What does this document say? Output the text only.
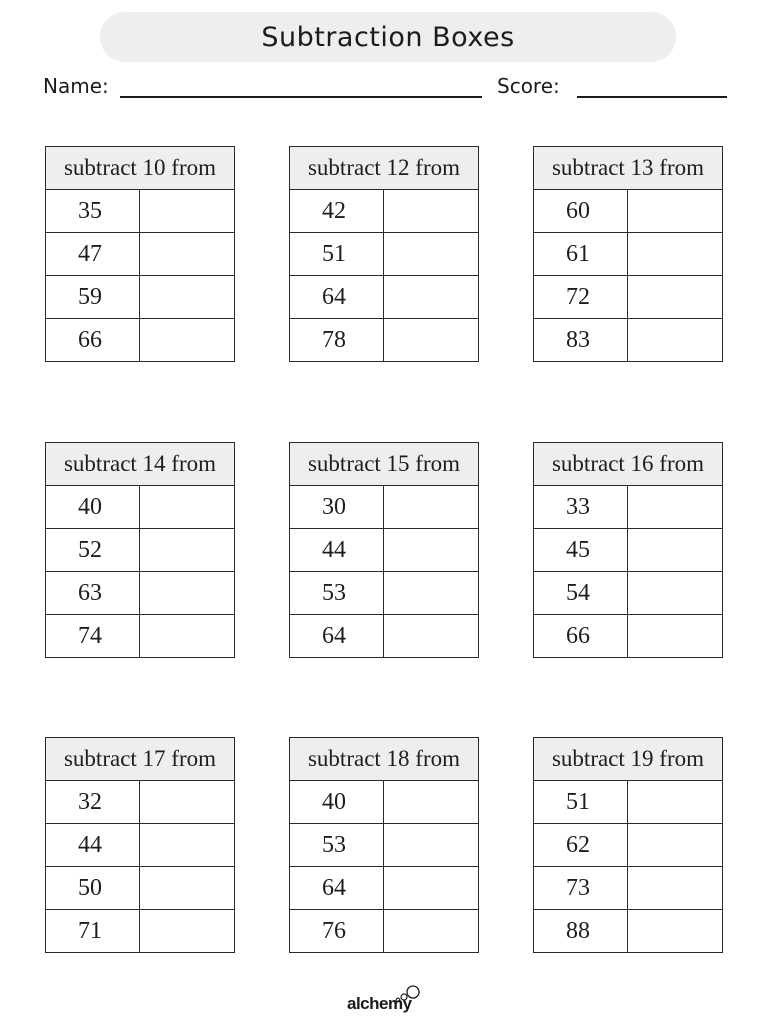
Subtraction Boxes
Name:	Score:
subtract 10 from	
35	
47	
59	
66	
subtract 12 from	
42	
51	
64	
78	
subtract 13 from	
60	
61	
72	
83	
subtract 14 from	
40	
52	
63	
74	
subtract 15 from	
30	
44	
53	
64	
subtract 16 from	
33	
45	
54	
66	
subtract 17 from	
32	
44	
50	
71	
subtract 18 from	
40	
53	
64	
76	
subtract 19 from	
51	
62	
73	
88	
alchemy
